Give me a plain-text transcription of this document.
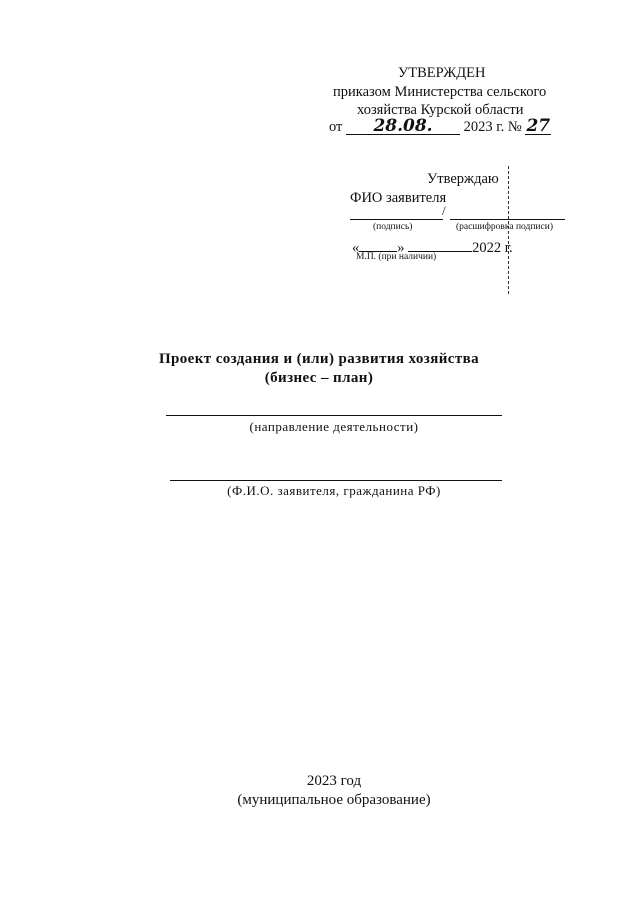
УТВЕРЖДЕН
приказом Министерства сельского
хозяйства Курской области
от 28.08. 2023 г. № 27
Утверждаю
ФИО заявителя
/
(подпись)	(расшифровка подписи)
«	»	2022 г.
М.П. (при наличии)
Проект создания и (или) развития хозяйства
(бизнес – план)
(направление деятельности)
(Ф.И.О. заявителя, гражданина РФ)
2023 год
(муниципальное образование)
